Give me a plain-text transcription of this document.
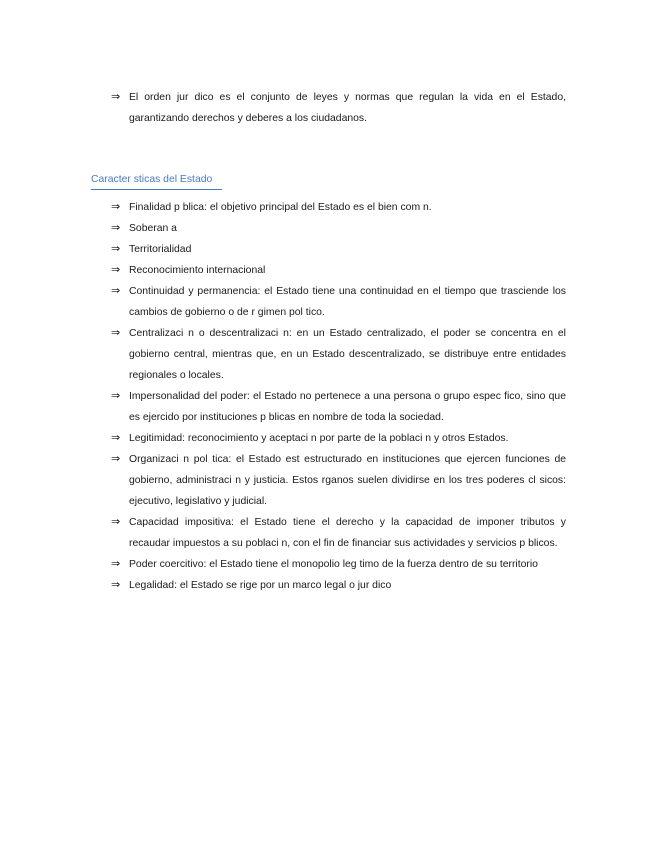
⇒ El orden jur dico es el conjunto de leyes y normas que regulan la vida en el Estado, garantizando derechos y deberes a los ciudadanos.
Caracter sticas del Estado
⇒ Finalidad p blica: el objetivo principal del Estado es el bien com n.
⇒ Soberan a
⇒ Territorialidad
⇒ Reconocimiento internacional
⇒ Continuidad y permanencia: el Estado tiene una continuidad en el tiempo que trasciende los cambios de gobierno o de r gimen pol tico.
⇒ Centralizaci n o descentralizaci n: en un Estado centralizado, el poder se concentra en el gobierno central, mientras que, en un Estado descentralizado, se distribuye entre entidades regionales o locales.
⇒ Impersonalidad del poder: el Estado no pertenece a una persona o grupo espec fico, sino que es ejercido por instituciones p blicas en nombre de toda la sociedad.
⇒ Legitimidad: reconocimiento y aceptaci n por parte de la poblaci n y otros Estados.
⇒ Organizaci n pol tica: el Estado est estructurado en instituciones que ejercen funciones de gobierno, administraci n y justicia. Estos rganos suelen dividirse en los tres poderes cl sicos: ejecutivo, legislativo y judicial.
⇒ Capacidad impositiva: el Estado tiene el derecho y la capacidad de imponer tributos y recaudar impuestos a su poblaci n, con el fin de financiar sus actividades y servicios p blicos.
⇒ Poder coercitivo: el Estado tiene el monopolio leg timo de la fuerza dentro de su territorio
⇒ Legalidad: el Estado se rige por un marco legal o jur dico
